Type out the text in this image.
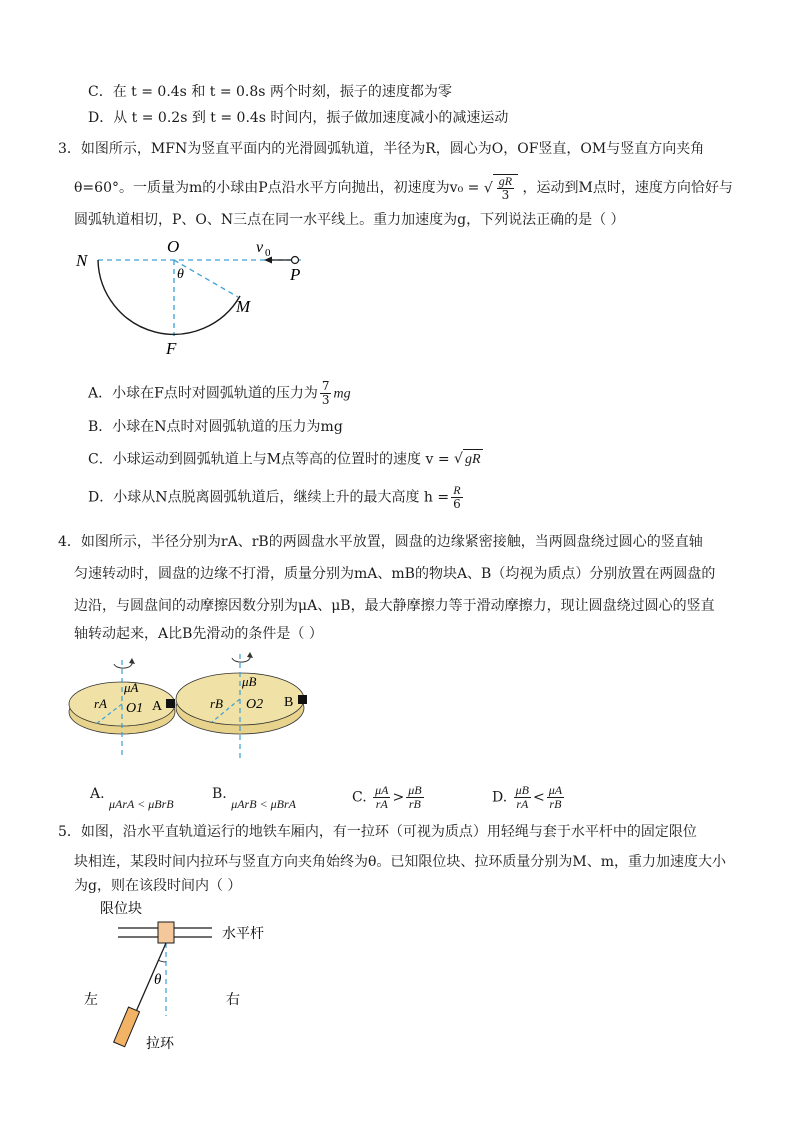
C．在 t = 0.4s 和 t = 0.8s 两个时刻，振子的速度都为零
D．从 t = 0.2s 到 t = 0.4s 时间内，振子做加速度减小的减速运动
3．如图所示，MFN为竖直平面内的光滑圆弧轨道，半径为R，圆心为O，OF竖直，OM与竖直方向夹角
θ=60°。一质量为m的小球由P点沿水平方向抛出，初速度为v₀ = √ $\frac{gR}{3}$ ，运动到M点时，速度方向恰好与
圆弧轨道相切，P、O、N三点在同一水平线上。重力加速度为g，下列说法正确的是（ ）
N
O	v 0
P
θ
M
F
A．小球在F点时对圆弧轨道的压力为 $\frac{7}{3}$ mg
B．小球在N点时对圆弧轨道的压力为mg
C．小球运动到圆弧轨道上与M点等高的位置时的速度 v = √ gR
D．小球从N点脱离圆弧轨道后，继续上升的最大高度 $h = \frac{R}{6}$
4．如图所示，半径分别为rA、rB的两圆盘水平放置，圆盘的边缘紧密接触，当两圆盘绕过圆心的竖直轴
匀速转动时，圆盘的边缘不打滑，质量分别为mA、mB的物块A、B（均视为质点）分别放置在两圆盘的
边沿，与圆盘间的动摩擦因数分别为μA、μB，最大静摩擦力等于滑动摩擦力，现让圆盘绕过圆心的竖直
轴转动起来，A比B先滑动的条件是（ ）
μA
rA O1 A
μB
rB O2 B
A. μArA < μBrB
B. μArB < μBrA	C. $\frac{\mu A}{rA} > \frac{\mu B}{rB}$	D. $\frac{\mu B}{rA} < \frac{\mu A}{rB}$
5．如图，沿水平直轨道运行的地铁车厢内，有一拉环（可视为质点）用轻绳与套于水平杆中的固定限位
块相连，某段时间内拉环与竖直方向夹角始终为θ。已知限位块、拉环质量分别为M、m，重力加速度大小
为g，则在该段时间内（ ）
限位块
水平杆
θ
左	右
拉环
